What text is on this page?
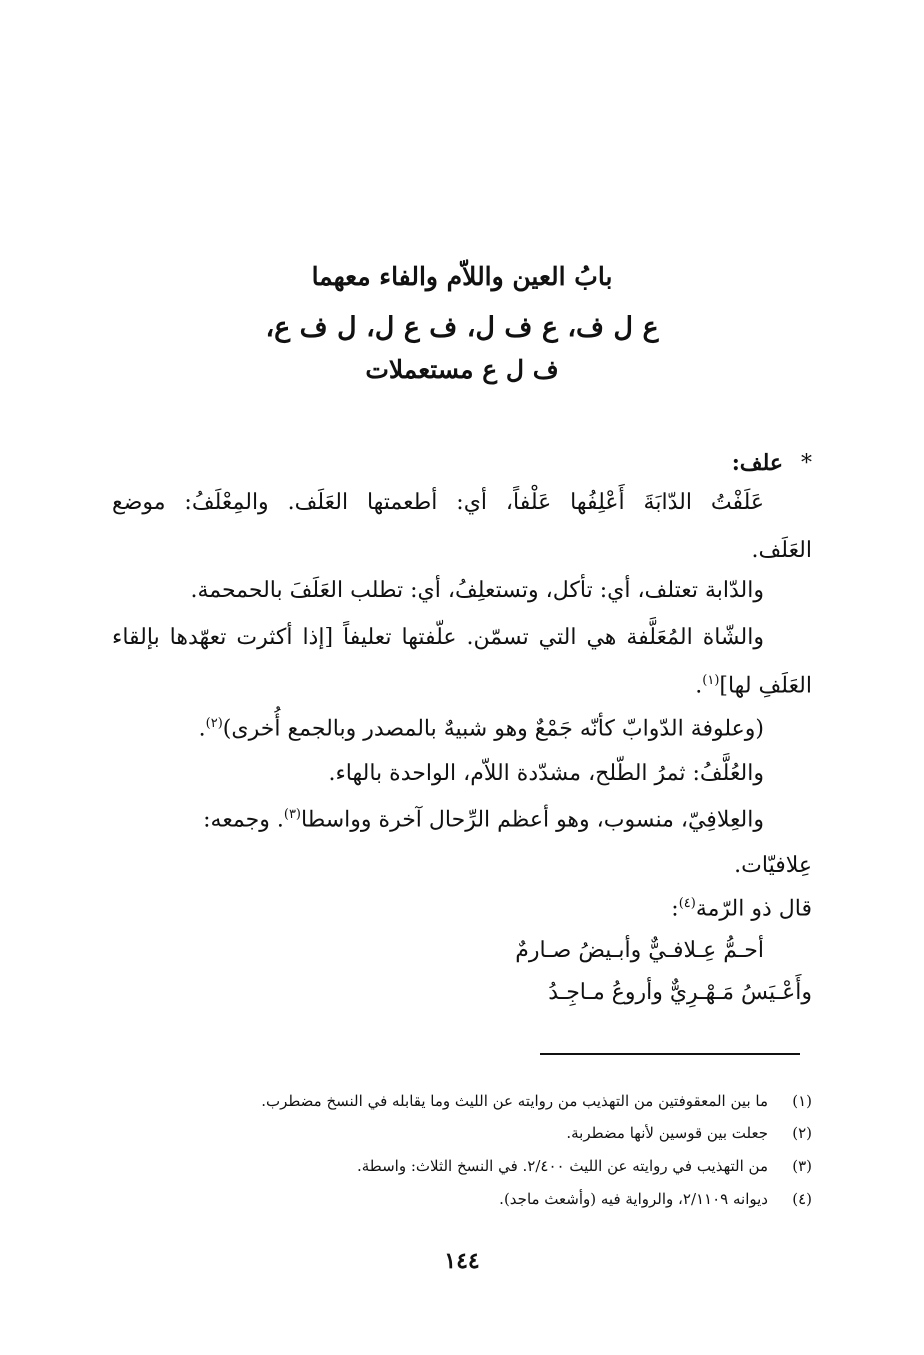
بابُ العين واللاّم والفاء معهما
ع ل ف، ع ف ل، ف ع ل، ل ف ع،
ف ل ع مستعملات
*علف:
عَلَفْتُ الدّابَةَ أَعْلِفُها عَلْفاً، أي: أطعمتها العَلَف. والمِعْلَفُ: موضع
العَلَف.
والدّابة تعتلف، أي: تأكل، وتستعلِفُ، أي: تطلب العَلَفَ بالحمحمة.
والشّاة المُعَلَّفة هي التي تسمّن. علّفتها تعليفاً [إذا أكثرت تعهّدها بإلقاء
العَلَفِ لها]$^{(١)}$.
(وعلوفة الدّوابّ كأنّه جَمْعٌ وهو شبيهٌ بالمصدر وبالجمع أُخرى)$^{(٢)}$.
والعُلَّفُ: ثمرُ الطّلح، مشدّدة اللاّم، الواحدة بالهاء.
والعِلافِيّ، منسوب، وهو أعظم الرِّحال آخرة وواسطا$^{(٣)}$. وجمعه:
عِلافيّات.
قال ذو الرّمة$^{(٤)}$:
أحـمُّ عِـلافـيٌّ وأبـيضُ صـارمٌ
وأَعْـيَسُ مَـهْـرِيٌّ وأروعُ مـاجِـدُ
(١)ما بين المعقوفتين من التهذيب من روايته عن الليث وما يقابله في النسخ مضطرب.
(٢)جعلت بين قوسين لأنها مضطربة.
(٣)من التهذيب في روايته عن الليث ٢/٤٠٠. في النسخ الثلاث: واسطة.
(٤)ديوانه ٢/١١٠٩، والرواية فيه (وأشعث ماجد).
١٤٤
